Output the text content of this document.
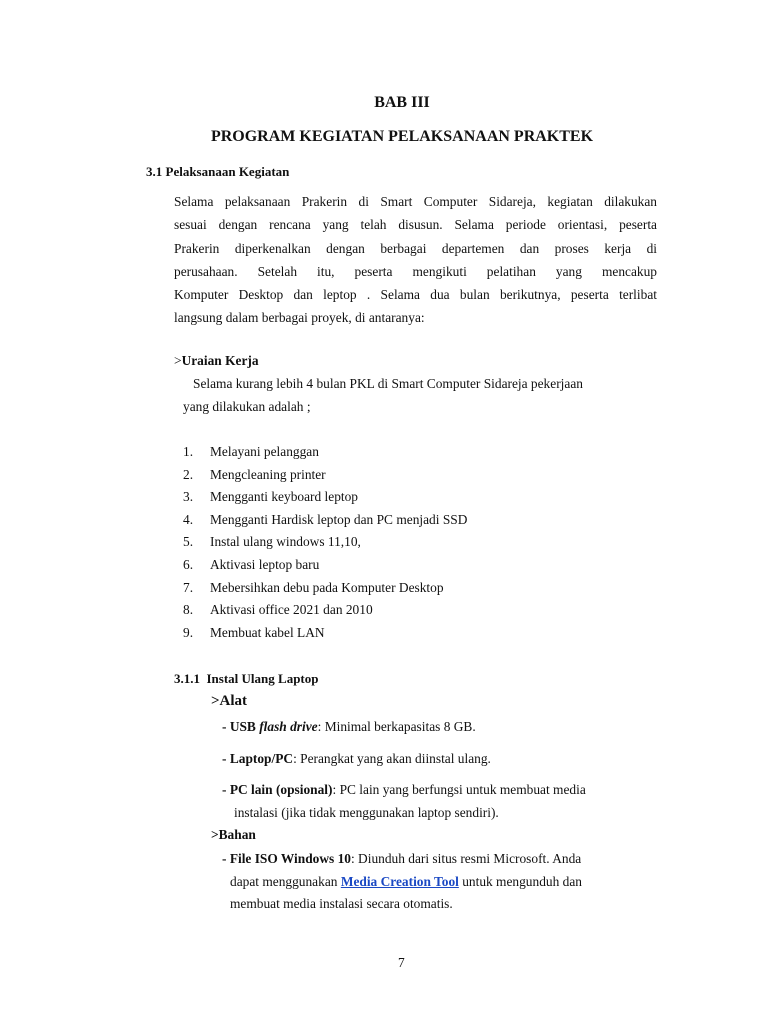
BAB III
PROGRAM KEGIATAN PELAKSANAAN PRAKTEK
3.1 Pelaksanaan Kegiatan
Selama pelaksanaan Prakerin di Smart Computer Sidareja, kegiatan dilakukan
sesuai dengan rencana yang telah disusun. Selama periode orientasi, peserta
Prakerin diperkenalkan dengan berbagai departemen dan proses kerja di
perusahaan. Setelah itu, peserta mengikuti pelatihan yang mencakup
Komputer Desktop dan leptop . Selama dua bulan berikutnya, peserta terlibat
langsung dalam berbagai proyek, di antaranya:
>Uraian Kerja
Selama kurang lebih 4 bulan PKL di Smart Computer Sidareja pekerjaan
yang dilakukan adalah ;
1. Melayani pelanggan
2. Mengcleaning printer
3. Mengganti keyboard leptop
4. Mengganti Hardisk leptop dan PC menjadi SSD
5. Instal ulang windows 11,10,
6. Aktivasi leptop baru
7. Mebersihkan debu pada Komputer Desktop
8. Aktivasi office 2021 dan 2010
9. Membuat kabel LAN
3.1.1 Instal Ulang Laptop
>Alat
- USB flash drive: Minimal berkapasitas 8 GB.
- Laptop/PC: Perangkat yang akan diinstal ulang.
- PC lain (opsional): PC lain yang berfungsi untuk membuat media
instalasi (jika tidak menggunakan laptop sendiri).
>Bahan
- File ISO Windows 10: Diunduh dari situs resmi Microsoft. Anda
dapat menggunakan Media Creation Tool untuk mengunduh dan
membuat media instalasi secara otomatis.
7
